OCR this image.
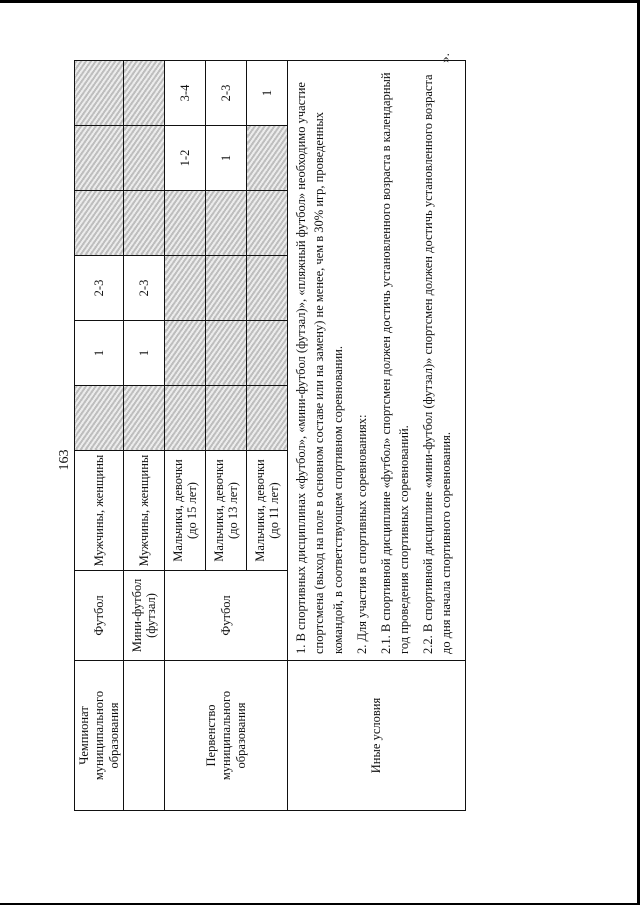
163
».
Чемпионат муниципального образования	Футбол	Мужчины, женщины		1	2-3			
	Мини-футбол (футзал)	Мужчины, женщины		1	2-3			
Первенство муниципального образования	Футбол	Мальчики, девочки (до 15 лет)					1-2	3-4
		Мальчики, девочки (до 13 лет)					1	2-3
		Мальчики, девочки (до 11 лет)						1
Иные условия	1. В спортивных дисциплинах «футбол», «мини-футбол (футзал)», «пляжный футбол» необходимо участие спортсмена (выход на поле в основном составе или на замену) не менее, чем в 30% игр, проведенных командой, в соответствующем спортивном соревновании. 2. Для участия в спортивных соревнованиях: 2.1. В спортивной дисциплине «футбол» спортсмен должен достичь установленного возраста в календарный год проведения спортивных соревнований. 2.2. В спортивной дисциплине «мини-футбол (футзал)» спортсмен должен достичь установленного возраста до дня начала спортивного соревнования.							
